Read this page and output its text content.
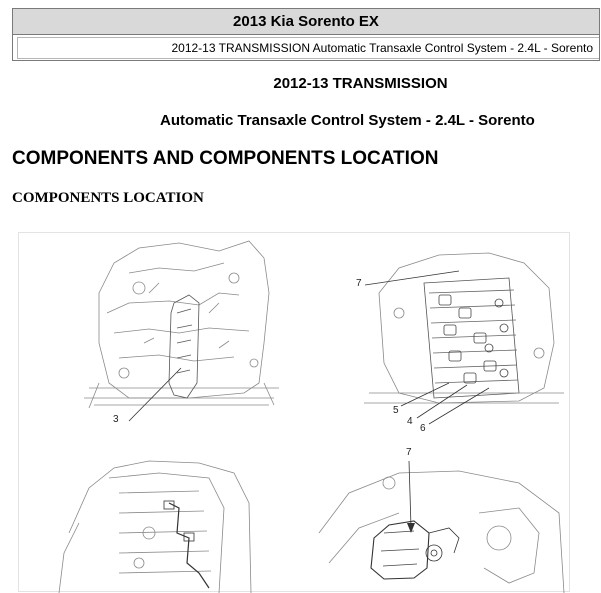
2013 Kia Sorento EX
2012-13 TRANSMISSION Automatic Transaxle Control System - 2.4L - Sorento
2012-13 TRANSMISSION
Automatic Transaxle Control System - 2.4L - Sorento
COMPONENTS AND COMPONENTS LOCATION
COMPONENTS LOCATION
3
7
5
4
6
7
